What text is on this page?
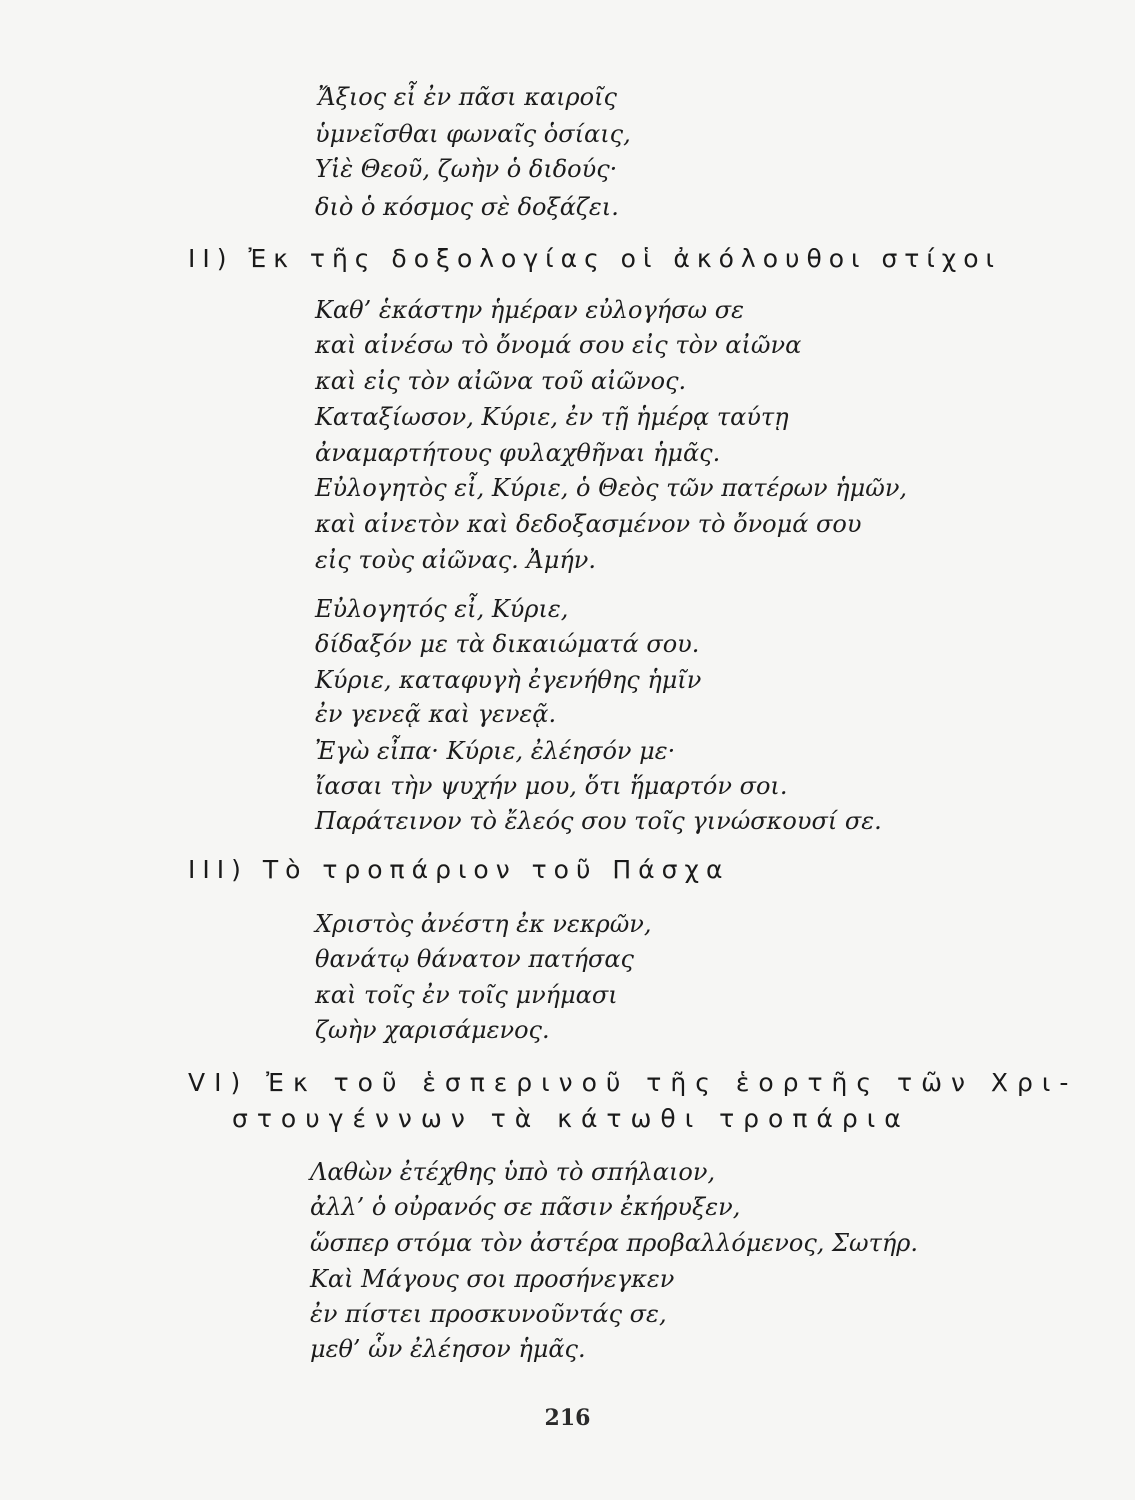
Ἄξιος εἶ ἐν πᾶσι καιροῖς
ὑμνεῖσθαι φωναῖς ὁσίαις,
Υἱὲ Θεοῦ, ζωὴν ὁ διδούς·
διὸ ὁ κόσμος σὲ δοξάζει.
II) Ἐκ τῆς δοξολογίας οἱ ἀκόλουθοι στίχοι
Καθ’ ἑκάστην ἡμέραν εὐλογήσω σε
καὶ αἰνέσω τὸ ὄνομά σου εἰς τὸν αἰῶνα
καὶ εἰς τὸν αἰῶνα τοῦ αἰῶνος.
Καταξίωσον, Κύριε, ἐν τῇ ἡμέρᾳ ταύτῃ
ἀναμαρτήτους φυλαχθῆναι ἡμᾶς.
Εὐλογητὸς εἶ, Κύριε, ὁ Θεὸς τῶν πατέρων ἡμῶν,
καὶ αἰνετὸν καὶ δεδοξασμένον τὸ ὄνομά σου
εἰς τοὺς αἰῶνας. Ἀμήν.
Εὐλογητός εἶ, Κύριε,
δίδαξόν με τὰ δικαιώματά σου.
Κύριε, καταφυγὴ ἐγενήθης ἡμῖν
ἐν γενεᾷ καὶ γενεᾷ.
Ἐγὼ εἶπα· Κύριε, ἐλέησόν με·
ἴασαι τὴν ψυχήν μου, ὅτι ἥμαρτόν σοι.
Παράτεινον τὸ ἔλεός σου τοῖς γινώσκουσί σε.
III) Τὸ τροπάριον τοῦ Πάσχα
Χριστὸς ἀνέστη ἐκ νεκρῶν,
θανάτῳ θάνατον πατήσας
καὶ τοῖς ἐν τοῖς μνήμασι
ζωὴν χαρισάμενος.
VI) Ἐκ τοῦ ἑσπερινοῦ τῆς ἑορτῆς τῶν Χρι-
στουγέννων τὰ κάτωθι τροπάρια
Λαθὼν ἐτέχθης ὑπὸ τὸ σπήλαιον,
ἀλλ’ ὁ οὐρανός σε πᾶσιν ἐκήρυξεν,
ὥσπερ στόμα τὸν ἀστέρα προβαλλόμενος, Σωτήρ.
Καὶ Μάγους σοι προσήνεγκεν
ἐν πίστει προσκυνοῦντάς σε,
μεθ’ ὧν ἐλέησον ἡμᾶς.
216
